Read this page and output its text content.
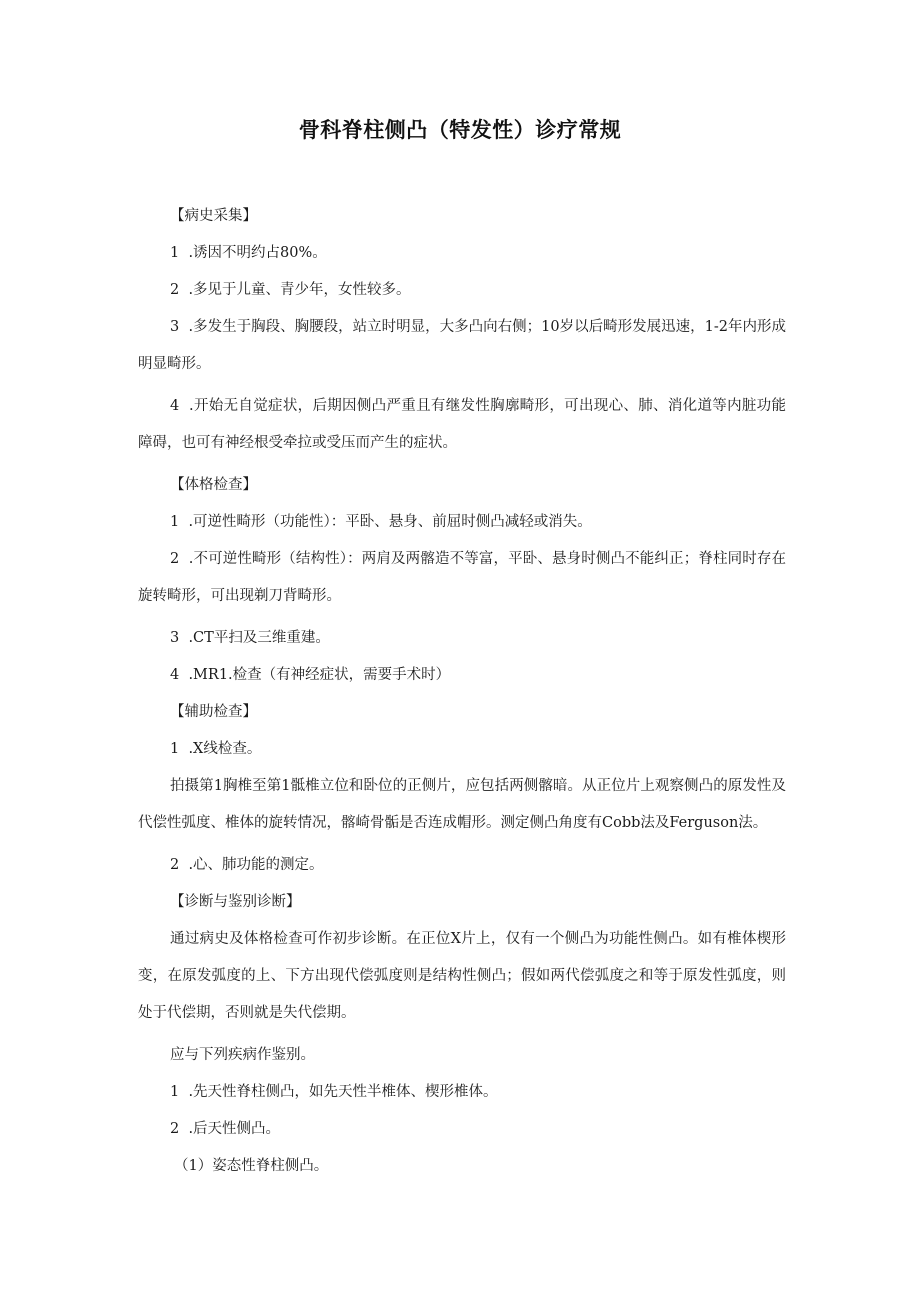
骨科脊柱侧凸（特发性）诊疗常规

【病史采集】

1  .诱因不明约占80%。

2  .多见于儿童、青少年，女性较多。

3  .多发生于胸段、胸腰段，站立时明显，大多凸向右侧；10岁以后畸形发展迅速，1-2年内形成明显畸形。

4  .开始无自觉症状，后期因侧凸严重且有继发性胸廓畸形，可出现心、肺、消化道等内脏功能障碍，也可有神经根受牵拉或受压而产生的症状。

【体格检查】

1  .可逆性畸形（功能性）：平卧、悬身、前屈时侧凸减轻或消失。

2  .不可逆性畸形（结构性）：两肩及两髂造不等富，平卧、悬身时侧凸不能纠正；脊柱同时存在旋转畸形，可出现剃刀背畸形。

3  .CT平扫及三维重建。

4  .MR1.检查（有神经症状，需要手术时）

【辅助检查】

1  .X线检查。

拍摄第1胸椎至第1骶椎立位和卧位的正侧片，应包括两侧髂暗。从正位片上观察侧凸的原发性及代偿性弧度、椎体的旋转情况，髂崎骨骺是否连成帽形。测定侧凸角度有Cobb法及Ferguson法。

2  .心、肺功能的测定。

【诊断与鉴别诊断】

通过病史及体格检查可作初步诊断。在正位X片上，仅有一个侧凸为功能性侧凸。如有椎体楔形变，在原发弧度的上、下方出现代偿弧度则是结构性侧凸；假如两代偿弧度之和等于原发性弧度，则处于代偿期，否则就是失代偿期。

应与下列疾病作鉴别。

1  .先天性脊柱侧凸，如先天性半椎体、楔形椎体。

2  .后天性侧凸。

（1）姿态性脊柱侧凸。
